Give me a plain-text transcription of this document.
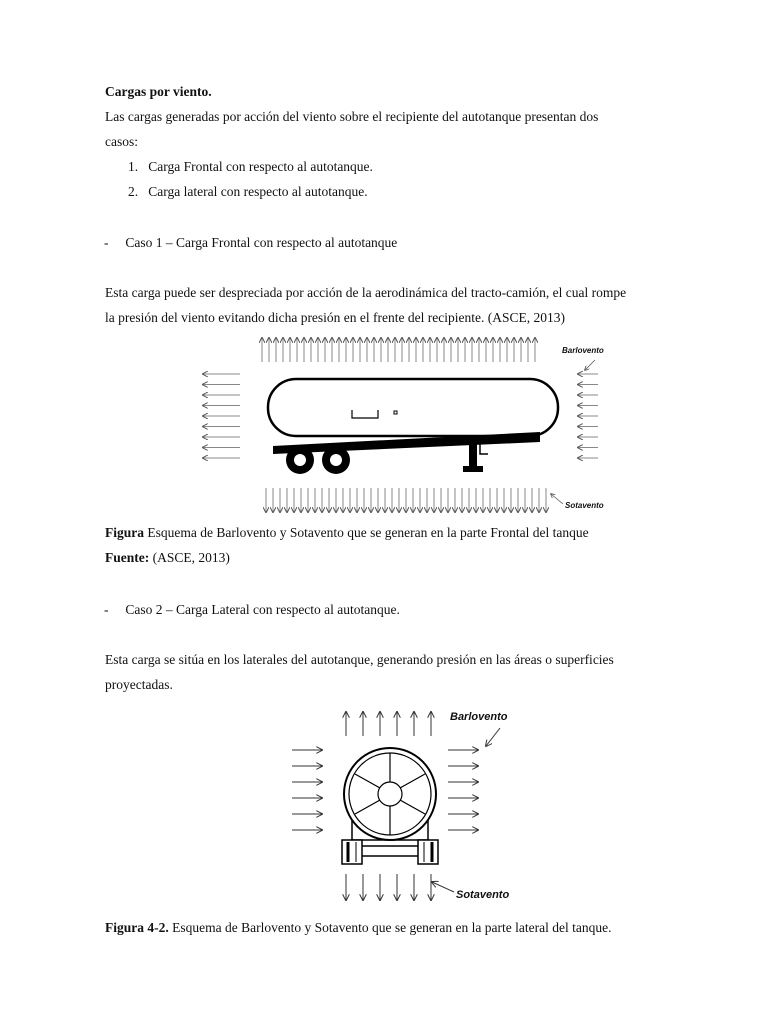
Cargas por viento.
Las cargas generadas por acción del viento sobre el recipiente del autotanque presentan dos
casos:
1. Carga Frontal con respecto al autotanque.
2. Carga lateral con respecto al autotanque.
- Caso 1 – Carga Frontal con respecto al autotanque
Esta carga puede ser despreciada por acción de la aerodinámica del tracto-camión, el cual rompe
la presión del viento evitando dicha presión en el frente del recipiente. (ASCE, 2013)
Barlovento
Sotavento
Figura Esquema de Barlovento y Sotavento que se generan en la parte Frontal del tanque
Fuente: (ASCE, 2013)
- Caso 2 – Carga Lateral con respecto al autotanque.
Esta carga se sitúa en los laterales del autotanque, generando presión en las áreas o superficies
proyectadas.
Barlovento
Sotavento
Figura 4-2. Esquema de Barlovento y Sotavento que se generan en la parte lateral del tanque.
